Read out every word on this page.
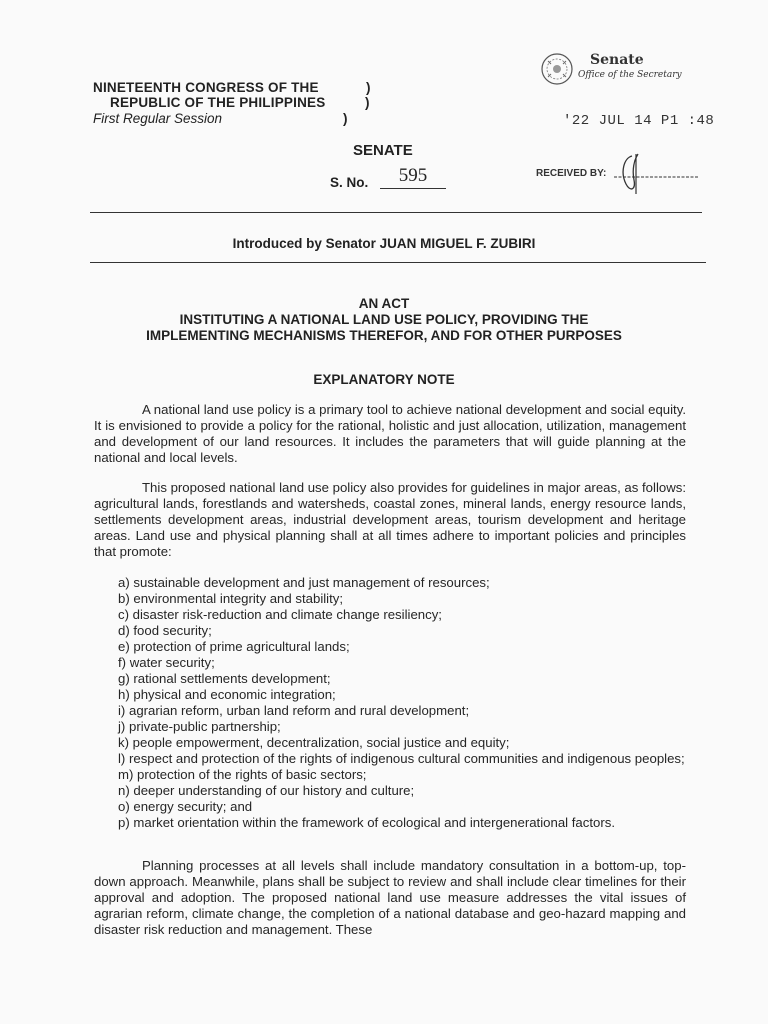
NINETEENTH CONGRESS OF THE	)
REPUBLIC OF THE PHILIPPINES	)
First Regular Session	)
Senate
Office of the Secretary
'22 JUL 14 P1 :48
RECEIVED BY:
SENATE
S. No.	595
Introduced by Senator JUAN MIGUEL F. ZUBIRI
AN ACT
INSTITUTING A NATIONAL LAND USE POLICY, PROVIDING THE
IMPLEMENTING MECHANISMS THEREFOR, AND FOR OTHER PURPOSES
EXPLANATORY NOTE
A national land use policy is a primary tool to achieve national development and social equity. It is envisioned to provide a policy for the rational, holistic and just allocation, utilization, management and development of our land resources. It includes the parameters that will guide planning at the national and local levels.
This proposed national land use policy also provides for guidelines in major areas, as follows: agricultural lands, forestlands and watersheds, coastal zones, mineral lands, energy resource lands, settlements development areas, industrial development areas, tourism development and heritage areas. Land use and physical planning shall at all times adhere to important policies and principles that promote:
a) sustainable development and just management of resources;
b) environmental integrity and stability;
c) disaster risk-reduction and climate change resiliency;
d) food security;
e) protection of prime agricultural lands;
f) water security;
g) rational settlements development;
h) physical and economic integration;
i) agrarian reform, urban land reform and rural development;
j) private-public partnership;
k) people empowerment, decentralization, social justice and equity;
l) respect and protection of the rights of indigenous cultural communities and indigenous peoples;
m) protection of the rights of basic sectors;
n) deeper understanding of our history and culture;
o) energy security; and
p) market orientation within the framework of ecological and intergenerational factors.
Planning processes at all levels shall include mandatory consultation in a bottom-up, top-down approach. Meanwhile, plans shall be subject to review and shall include clear timelines for their approval and adoption. The proposed national land use measure addresses the vital issues of agrarian reform, climate change, the completion of a national database and geo-hazard mapping and disaster risk reduction and management. These
